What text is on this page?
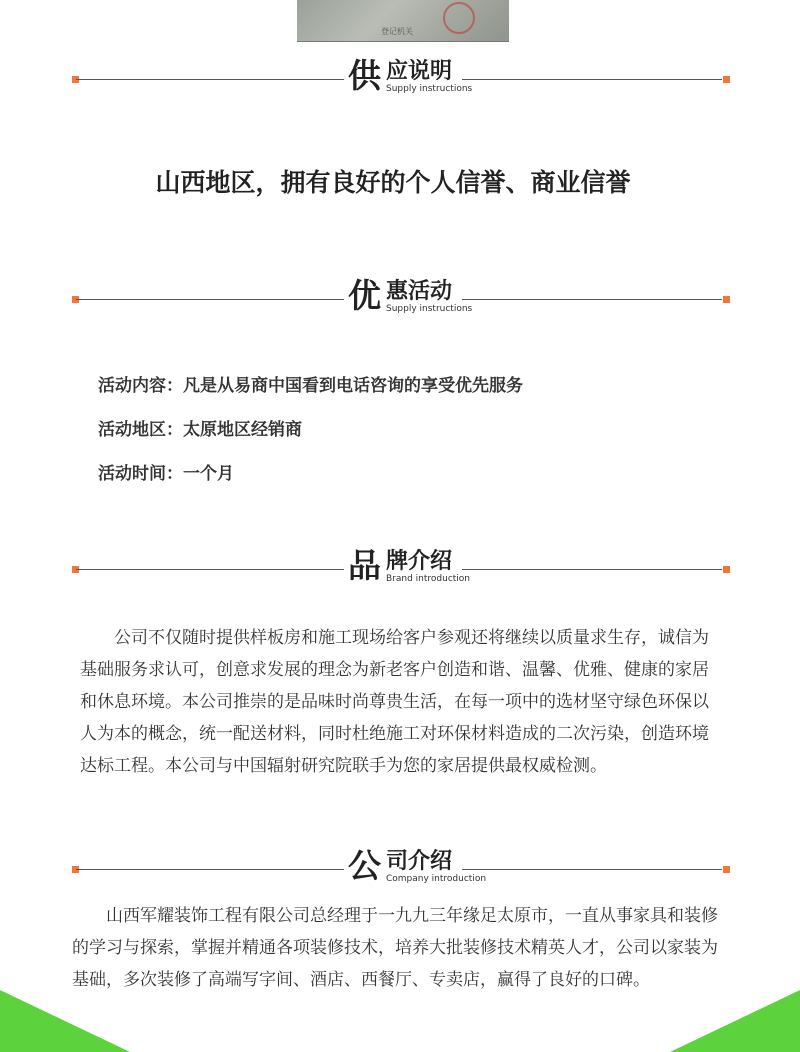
登记机关
供 应说明
Supply instructions
山西地区，拥有良好的个人信誉、商业信誉
优 惠活动
Supply instructions
活动内容：凡是从易商中国看到电话咨询的享受优先服务
活动地区：太原地区经销商
活动时间：一个月
品 牌介绍
Brand introduction

公司不仅随时提供样板房和施工现场给客户参观还将继续以质量求生存，诚信为基础服务求认可，创意求发展的理念为新老客户创造和谐、温馨、优雅、健康的家居和休息环境。本公司推崇的是品味时尚尊贵生活，在每一项中的选材坚守绿色环保以人为本的概念，统一配送材料，同时杜绝施工对环保材料造成的二次污染，创造环境达标工程。本公司与中国辐射研究院联手为您的家居提供最权威检测。

公 司介绍
Company introduction

山西军耀装饰工程有限公司总经理于一九九三年缘足太原市，一直从事家具和装修的学习与探索，掌握并精通各项装修技术，培养大批装修技术精英人才，公司以家装为基础，多次装修了高端写字间、酒店、西餐厅、专卖店，赢得了良好的口碑。
